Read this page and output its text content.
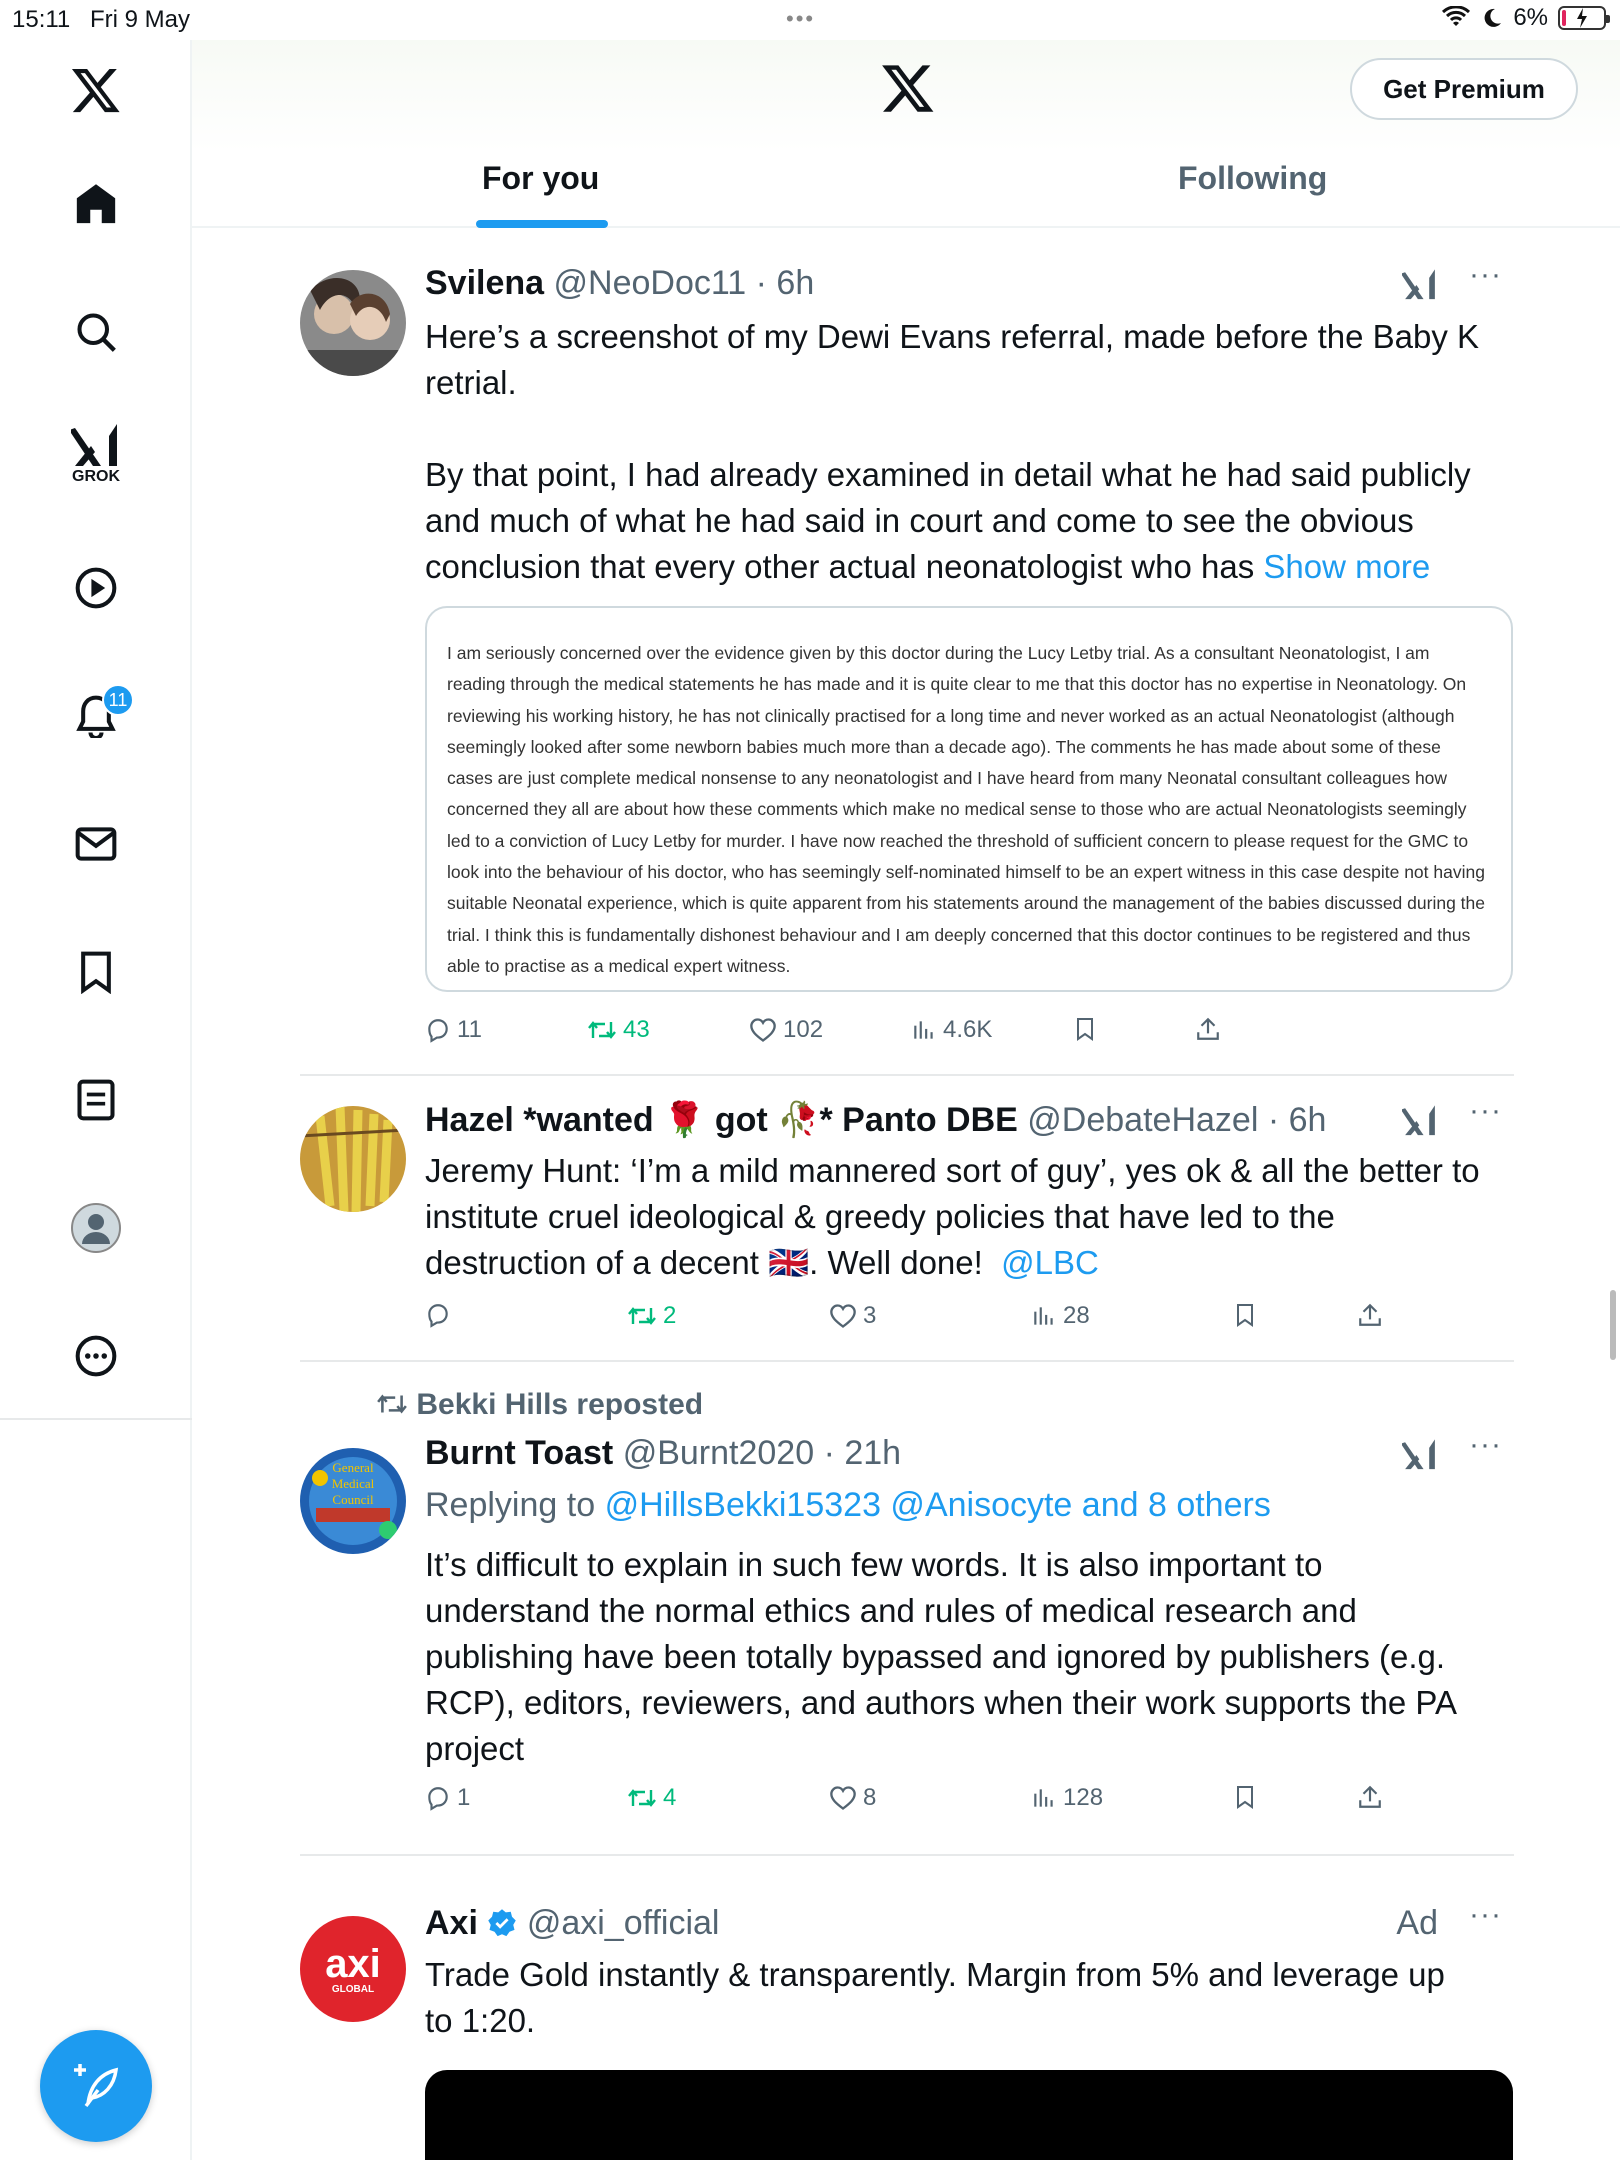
15:11 Fri 9 May	•••	6%
GROK
11
Get Premium
For you	Following
Svilena @NeoDoc11 · 6h	···
Here’s a screenshot of my Dewi Evans referral, made before the Baby K
retrial.
By that point, I had already examined in detail what he had said publicly
and much of what he had said in court and come to see the obvious
conclusion that every other actual neonatologist who has Show more
I am seriously concerned over the evidence given by this doctor during the Lucy Letby trial. As a consultant Neonatologist, I am reading through the medical statements he has made and it is quite clear to me that this doctor has no expertise in Neonatology. On reviewing his working history, he has not clinically practised for a long time and never worked as an actual Neonatologist (although seemingly looked after some newborn babies much more than a decade ago). The comments he has made about some of these cases are just complete medical nonsense to any neonatologist and I have heard from many Neonatal consultant colleagues how concerned they all are about how these comments which make no medical sense to those who are actual Neonatologists seemingly led to a conviction of Lucy Letby for murder. I have now reached the threshold of sufficient concern to please request for the GMC to look into the behaviour of his doctor, who has seemingly self-nominated himself to be an expert witness in this case despite not having suitable Neonatal experience, which is quite apparent from his statements around the management of the babies discussed during the trial. I think this is fundamentally dishonest behaviour and I am deeply concerned that this doctor continues to be registered and thus able to practise as a medical expert witness.
11	43	102	4.6K
Hazel *wanted 🌹 got 🥀* Panto DBE @DebateHazel · 6h	···
Jeremy Hunt: ‘I’m a mild mannered sort of guy’, yes ok & all the better to
institute cruel ideological & greedy policies that have led to the
destruction of a decent 🇬🇧. Well done! @LBC
2	3	28
Bekki Hills reposted
General
Medical
Council
Burnt Toast @Burnt2020 · 21h	···
Replying to @HillsBekki15323 @Anisocyte and 8 others
It’s difficult to explain in such few words. It is also important to
understand the normal ethics and rules of medical research and
publishing have been totally bypassed and ignored by publishers (e.g.
RCP), editors, reviewers, and authors when their work supports the PA
project
1	4	8	128
axi
GLOBAL
Axi @axi_official	Ad ···
Trade Gold instantly & transparently. Margin from 5% and leverage up
to 1:20.
